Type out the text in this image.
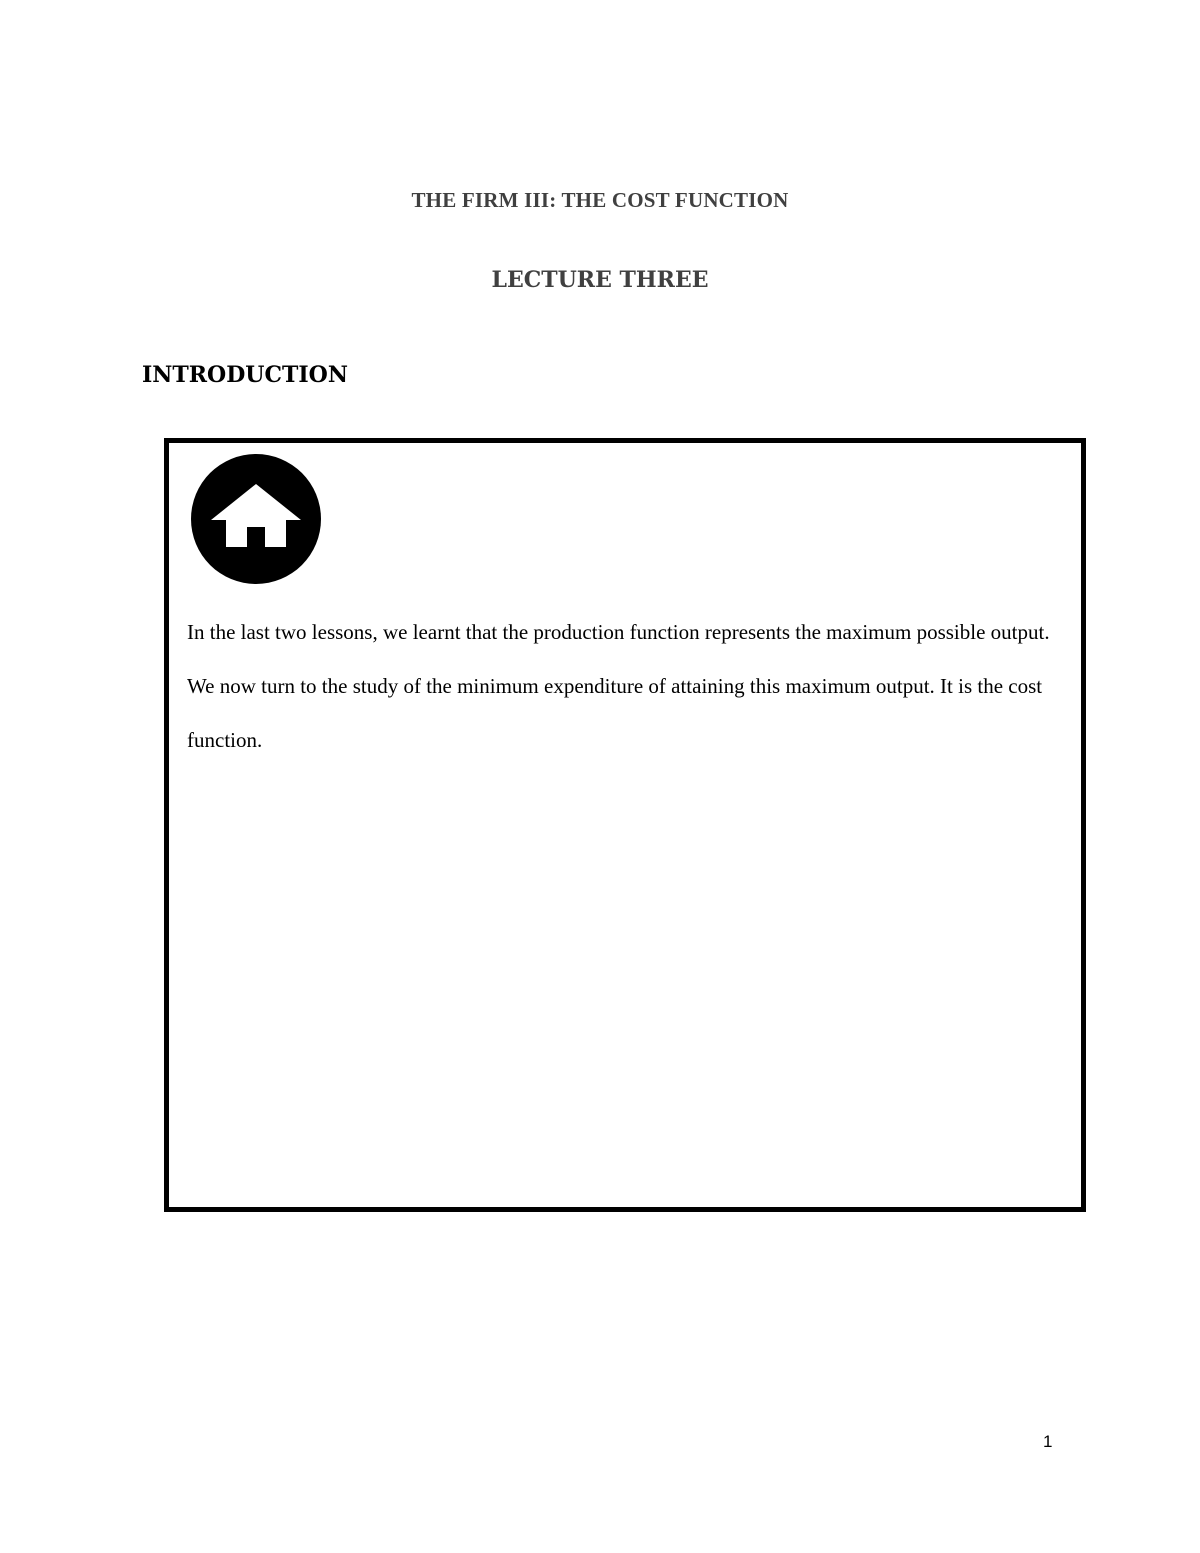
THE FIRM III: THE COST FUNCTION
LECTURE THREE
INTRODUCTION
In the last two lessons, we learnt that the production function represents the maximum possible output. We now turn to the study of the minimum expenditure of attaining this maximum output. It is the cost function.
1
